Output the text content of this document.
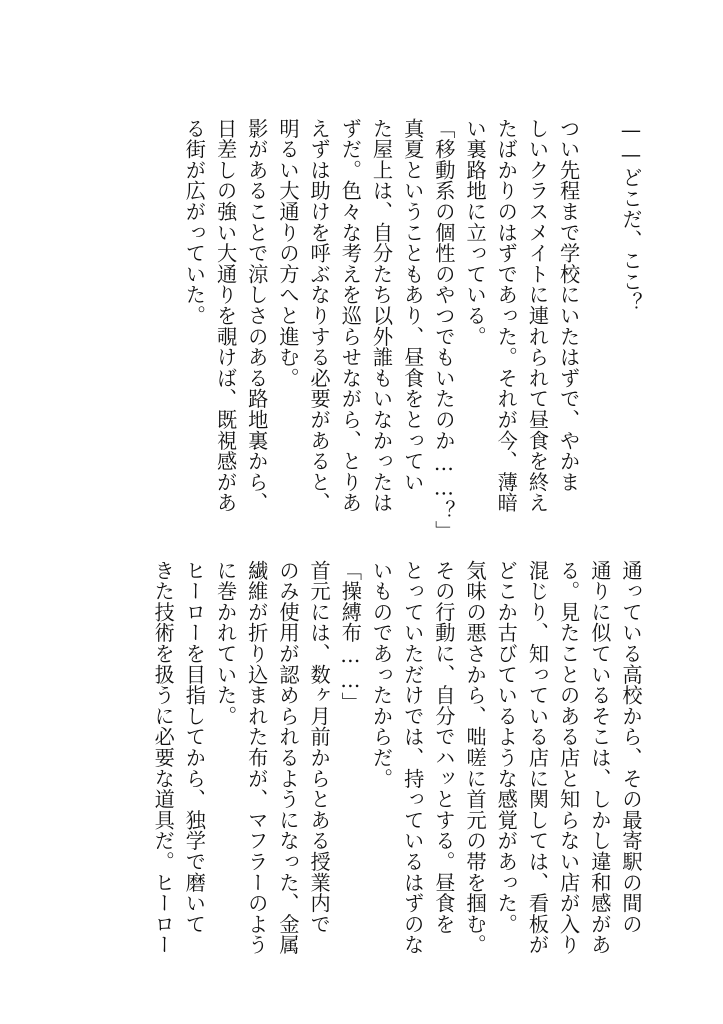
——どこだ、ここ？
つい先程まで学校にいたはずで、やかま
しいクラスメイトに連れられて昼食を終え
たばかりのはずであった。それが今、薄暗
い裏路地に立っている。
「移動系の個性のやつでもいたのか……？」
真夏ということもあり、昼食をとってい
た屋上は、自分たち以外誰もいなかったは
ずだ。色々な考えを巡らせながら、とりあ
えずは助けを呼ぶなりする必要があると、
明るい大通りの方へと進む。
影があることで涼しさのある路地裏から、
日差しの強い大通りを覗けば、既視感があ
る街が広がっていた。
通っている高校から、その最寄駅の間の
通りに似ているそこは、しかし違和感があ
る。見たことのある店と知らない店が入り
混じり、知っている店に関しては、看板が
どこか古びているような感覚があった。
気味の悪さから、咄嗟に首元の帯を掴む。
その行動に、自分でハッとする。昼食を
とっていただけでは、持っているはずのな
いものであったからだ。
「操縛布……」
首元には、数ヶ月前からとある授業内で
のみ使用が認められるようになった、金属
繊維が折り込まれた布が、マフラーのよう
に巻かれていた。
ヒーローを目指してから、独学で磨いて
きた技術を扱うに必要な道具だ。ヒーロー
